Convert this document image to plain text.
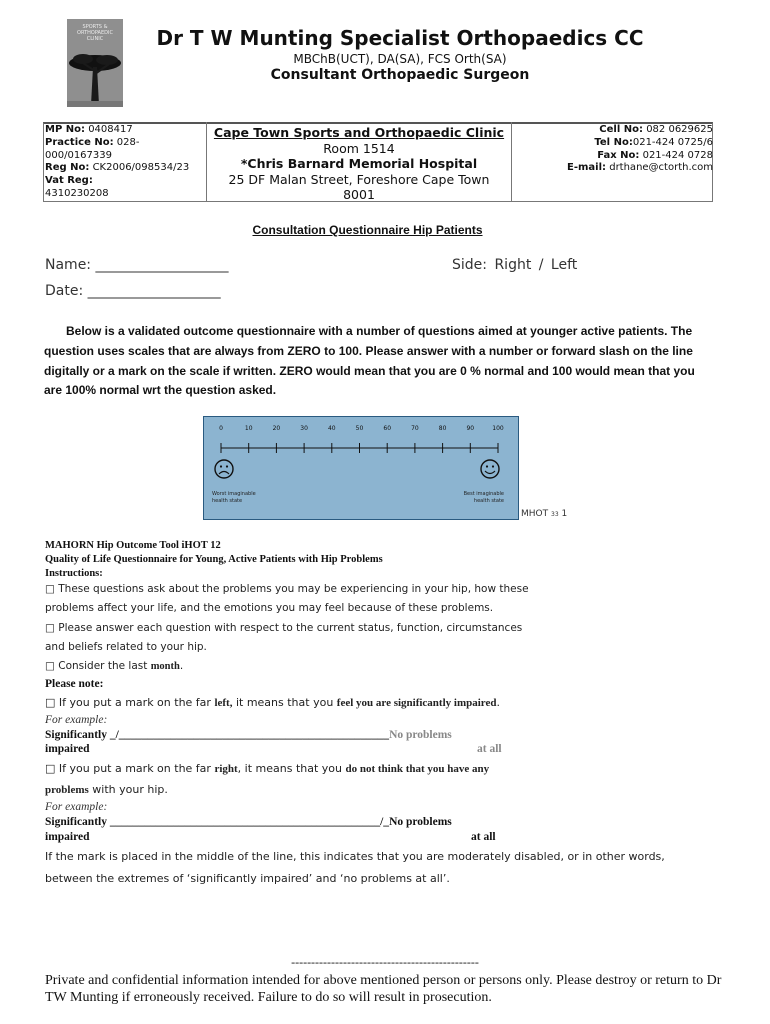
SPORTS &
ORTHOPAEDIC
CLINIC	Dr T W Munting Specialist Orthopaedics CC
MBChB(UCT), DA(SA), FCS Orth(SA)
Consultant Orthopaedic Surgeon
MP No: 0408417
Practice No: 028-000/0167339
Reg No: CK2006/098534/23
Vat Reg:
4310230208
Cape Town Sports and Orthopaedic Clinic
Room 1514
*Chris Barnard Memorial Hospital
25 DF Malan Street, Foreshore Cape Town
8001
Cell No: 082 0629625
Tel No:021-424 0725/6
Fax No: 021-424 0728
E-mail: drthane@ctorth.com
Consultation Questionnaire Hip Patients
Name: ___________________	Side: Right / Left
Date: ___________________
Below is a validated outcome questionnaire with a number of questions aimed at younger active patients. The question uses scales that are always from ZERO to 100. Please answer with a number or forward slash on the line digitally or a mark on the scale if written. ZERO would mean that you are 0 % normal and 100 would mean that you are 100% normal wrt the question asked.
0	10	20	30	40	50	60	70	80	90	100
Worst imaginable
health state
Best imaginable
health state
MHOT 33 1
MAHORN Hip Outcome Tool iHOT 12
Quality of Life Questionnaire for Young, Active Patients with Hip Problems
Instructions:
□ These questions ask about the problems you may be experiencing in your hip, how these
problems affect your life, and the emotions you may feel because of these problems.
□ Please answer each question with respect to the current status, function, circumstances
and beliefs related to your hip.
□ Consider the last month.
Please note:
□ If you put a mark on the far left, it means that you feel you are significantly impaired.
For example:
Significantly _/_______________________________________________No problems
impaired	at all
□ If you put a mark on the far right, it means that you do not think that you have any
problems with your hip.
For example:
Significantly _______________________________________________/_No problems
impaired	at all
If the mark is placed in the middle of the line, this indicates that you are moderately disabled, or in other words,
between the extremes of ‘significantly impaired’ and ‘no problems at all’.
-----------------------------------------------
Private and confidential information intended for above mentioned person or persons only. Please destroy or return to Dr TW Munting if erroneously received. Failure to do so will result in prosecution.
